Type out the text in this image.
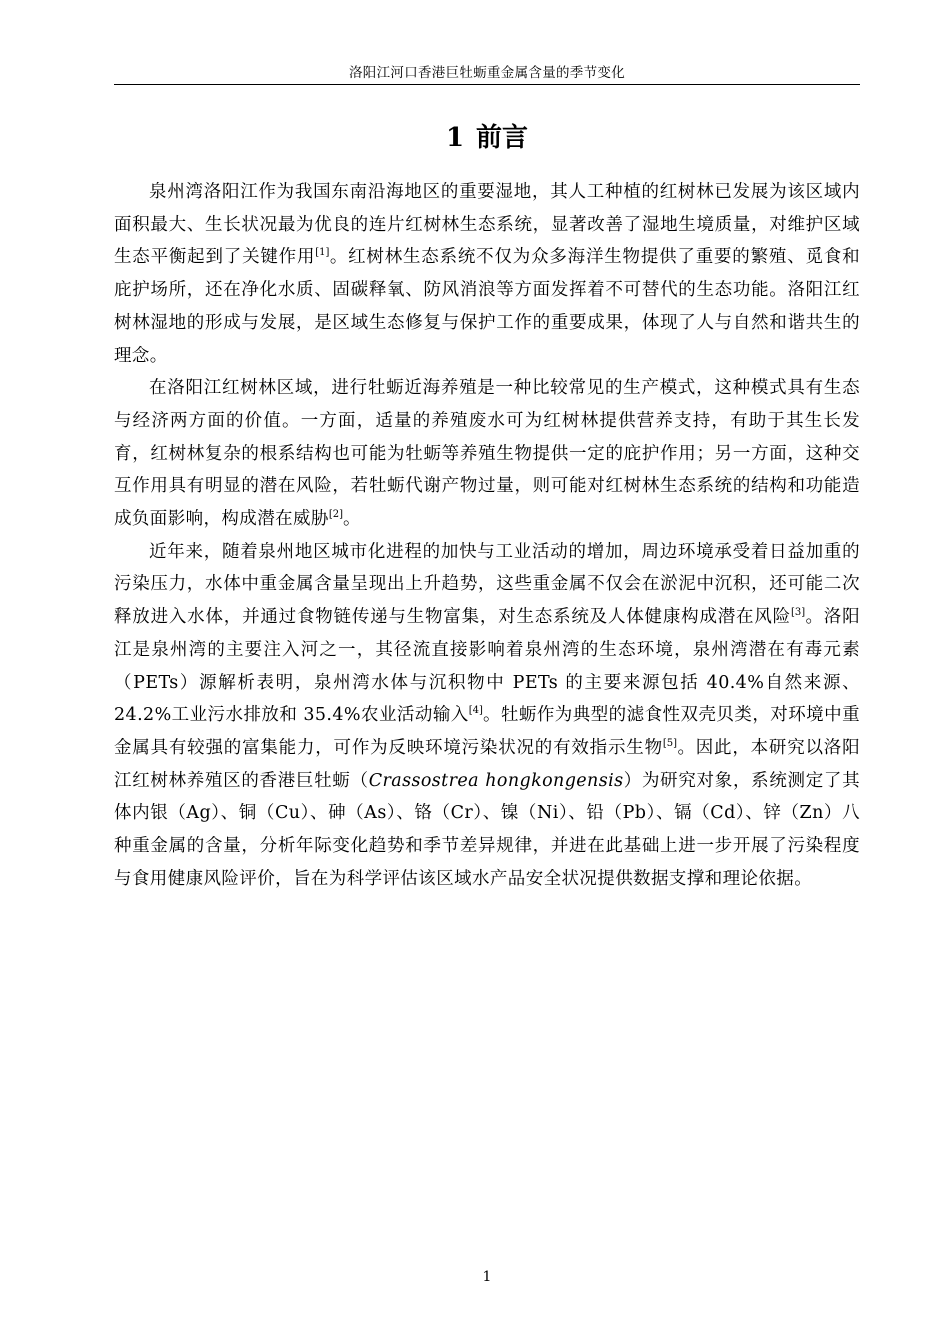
洛阳江河口香港巨牡蛎重金属含量的季节变化
1 前言

泉州湾洛阳江作为我国东南沿海地区的重要湿地，其人工种植的红树林已发展为该区域内面积最大、生长状况最为优良的连片红树林生态系统，显著改善了湿地生境质量，对维护区域生态平衡起到了关键作用[1]。红树林生态系统不仅为众多海洋生物提供了重要的繁殖、觅食和庇护场所，还在净化水质、固碳释氧、防风消浪等方面发挥着不可替代的生态功能。洛阳江红树林湿地的形成与发展，是区域生态修复与保护工作的重要成果，体现了人与自然和谐共生的理念。

在洛阳江红树林区域，进行牡蛎近海养殖是一种比较常见的生产模式，这种模式具有生态与经济两方面的价值。一方面，适量的养殖废水可为红树林提供营养支持，有助于其生长发育，红树林复杂的根系结构也可能为牡蛎等养殖生物提供一定的庇护作用；另一方面，这种交互作用具有明显的潜在风险，若牡蛎代谢产物过量，则可能对红树林生态系统的结构和功能造成负面影响，构成潜在威胁[2]。

近年来，随着泉州地区城市化进程的加快与工业活动的增加，周边环境承受着日益加重的污染压力，水体中重金属含量呈现出上升趋势，这些重金属不仅会在淤泥中沉积，还可能二次释放进入水体，并通过食物链传递与生物富集，对生态系统及人体健康构成潜在风险[3]。洛阳江是泉州湾的主要注入河之一，其径流直接影响着泉州湾的生态环境，泉州湾潜在有毒元素（PETs）源解析表明，泉州湾水体与沉积物中 PETs 的主要来源包括 40.4%自然来源、24.2%工业污水排放和 35.4%农业活动输入[4]。牡蛎作为典型的滤食性双壳贝类，对环境中重金属具有较强的富集能力，可作为反映环境污染状况的有效指示生物[5]。因此，本研究以洛阳江红树林养殖区的香港巨牡蛎（Crassostrea hongkongensis）为研究对象，系统测定了其体内银（Ag）、铜（Cu）、砷（As）、铬（Cr）、镍（Ni）、铅（Pb）、镉（Cd）、锌（Zn）八种重金属的含量，分析年际变化趋势和季节差异规律，并进在此基础上进一步开展了污染程度与食用健康风险评价，旨在为科学评估该区域水产品安全状况提供数据支撑和理论依据。

1
